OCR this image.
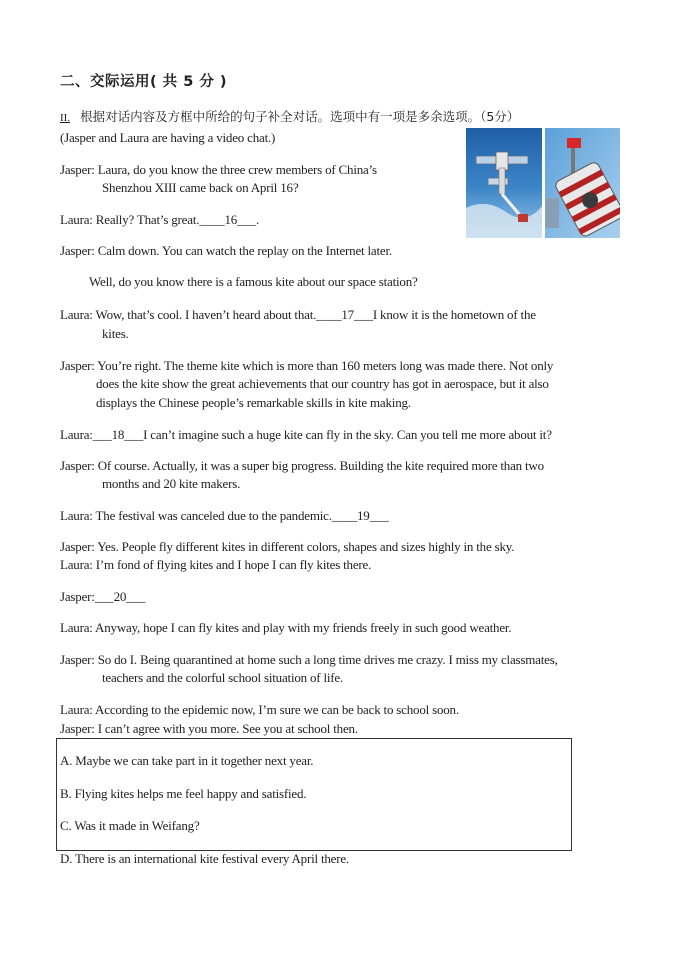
二、交际运用( 共 5 分 )
II. 根据对话内容及方框中所给的句子补全对话。选项中有一项是多余选项。（5分）
(Jasper and Laura are having a video chat.)
Jasper: Laura, do you know the three crew members of China’s
Shenzhou XIII came back on April 16?
Laura: Really? That’s great.____16___.
Jasper: Calm down. You can watch the replay on the Internet later.
Well, do you know there is a famous kite about our space station?
Laura: Wow, that’s cool. I haven’t heard about that.____17___I know it is the hometown of the
kites.
Jasper: You’re right. The theme kite which is more than 160 meters long was made there. Not only
does the kite show the great achievements that our country has got in aerospace, but it also
displays the Chinese people’s remarkable skills in kite making.
Laura:___18___I can’t imagine such a huge kite can fly in the sky. Can you tell me more about it?
Jasper: Of course. Actually, it was a super big progress. Building the kite required more than two
months and 20 kite makers.
Laura: The festival was canceled due to the pandemic.____19___
Jasper: Yes. People fly different kites in different colors, shapes and sizes highly in the sky.
Laura: I’m fond of flying kites and I hope I can fly kites there.
Jasper:___20___
Laura: Anyway, hope I can fly kites and play with my friends freely in such good weather.
Jasper: So do I. Being quarantined at home such a long time drives me crazy. I miss my classmates,
teachers and the colorful school situation of life.
Laura: According to the epidemic now, I’m sure we can be back to school soon.
Jasper: I can’t agree with you more. See you at school then.
A. Maybe we can take part in it together next year.
B. Flying kites helps me feel happy and satisfied.
C. Was it made in Weifang?
D. There is an international kite festival every April there.
